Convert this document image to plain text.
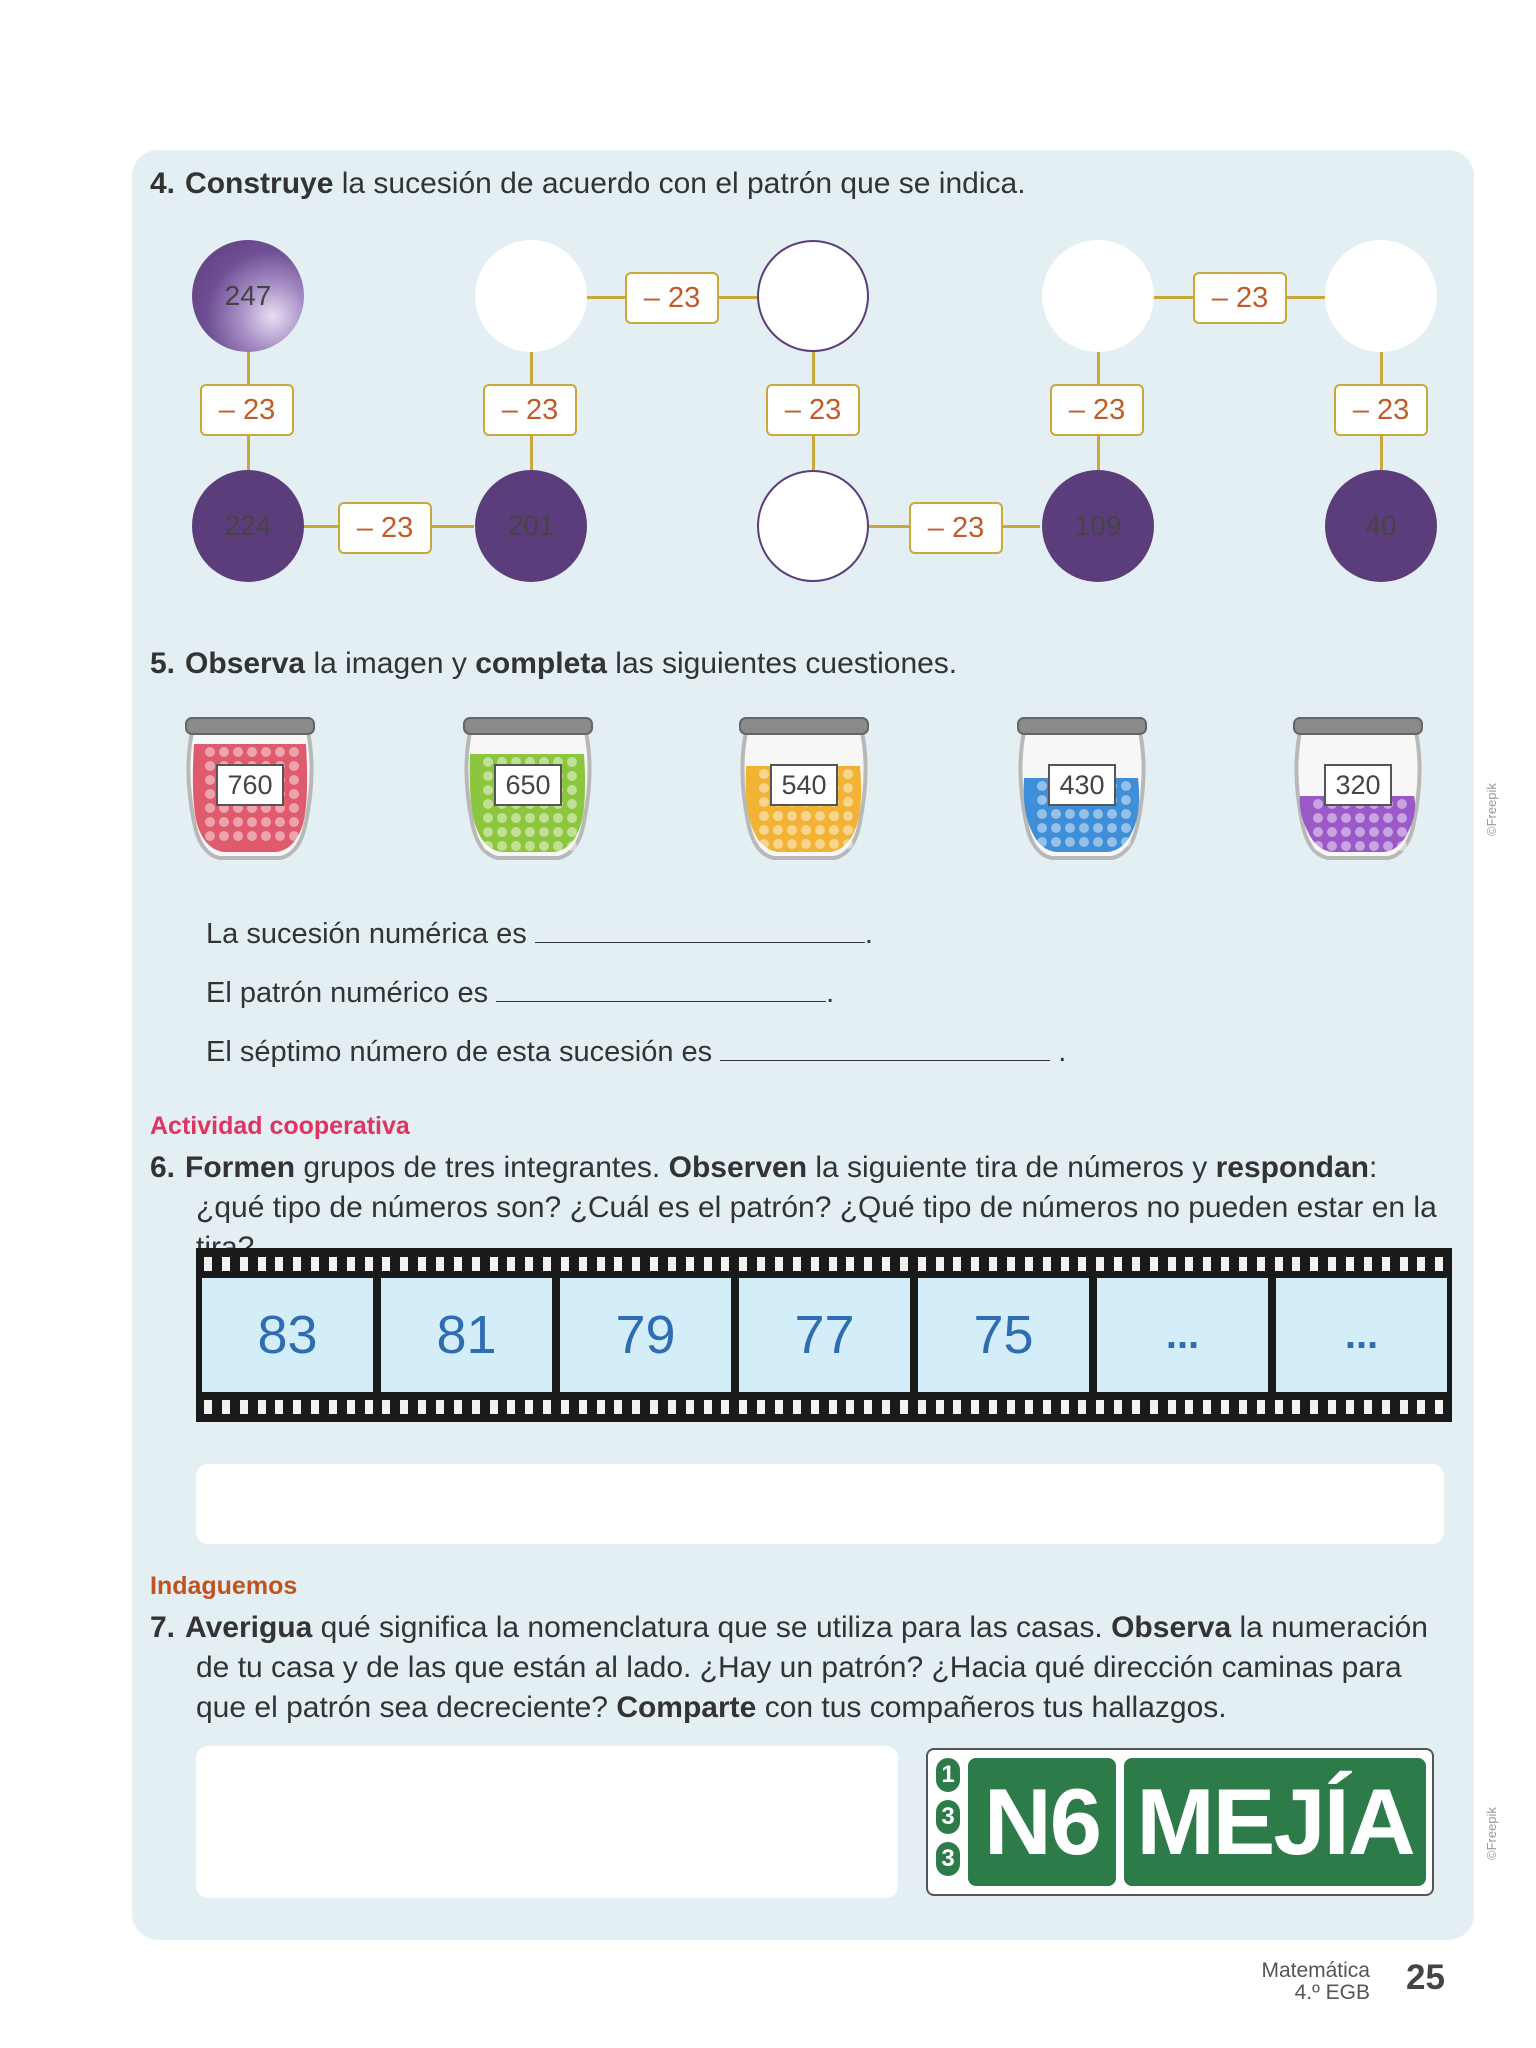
4. Construye la sucesión de acuerdo con el patrón que se indica.
247
224	201	109	40
– 23	– 23	– 23	– 23	– 23
– 23
– 23
– 23
– 23
5. Observa la imagen y completa las siguientes cuestiones.
760	650	540	430	320	©Freepik
La sucesión numérica es	.
El patrón numérico es	.
El séptimo número de esta sucesión es	.
Actividad cooperativa
6. Formen grupos de tres integrantes. Observen la siguiente tira de números y respondan: ¿qué tipo de números son? ¿Cuál es el patrón? ¿Qué tipo de números no pueden estar en la
83	81	79	77	75	...	...
Indaguemos
7. Averigua qué significa la nomenclatura que se utiliza para las casas. Observa la numeración de tu casa y de las que están al lado. ¿Hay un patrón? ¿Hacia qué dirección caminas para que el patrón sea decreciente? Comparte con tus compañeros tus hallazgos.
1
3
3 N6 MEJÍA	©Freepik
Matemática
4.º EGB 25
